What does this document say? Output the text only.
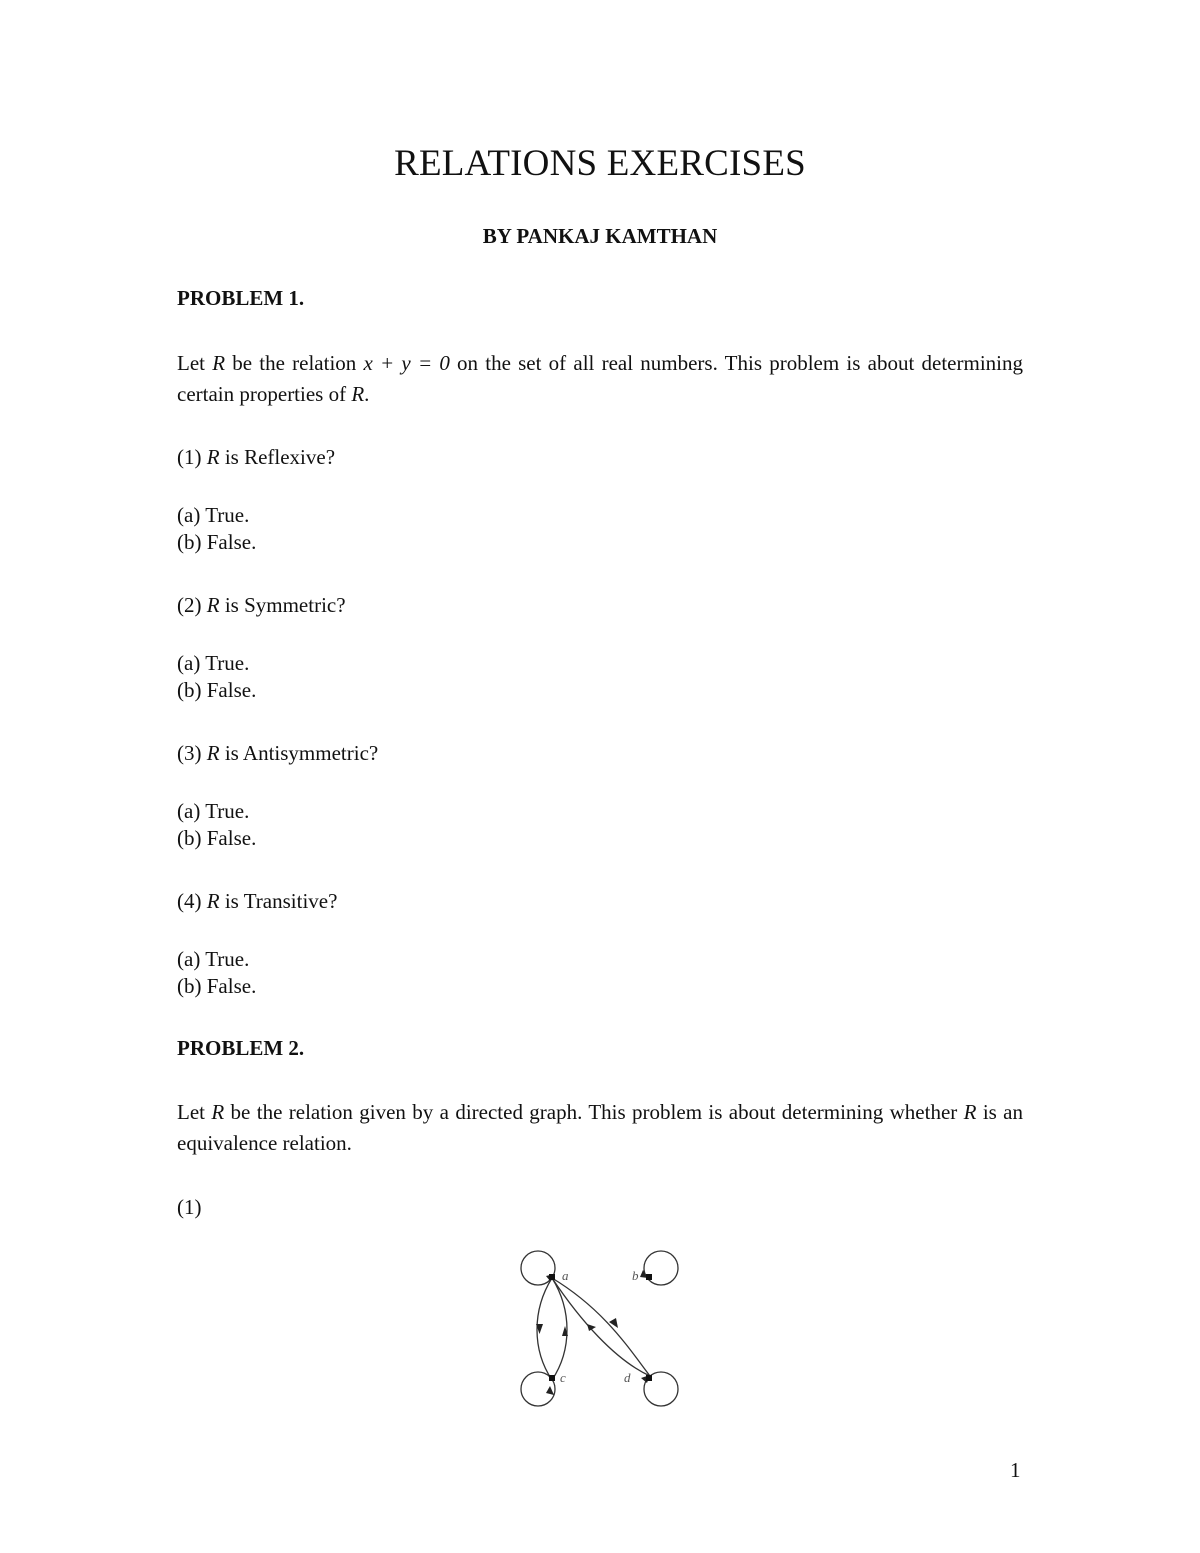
RELATIONS EXERCISES
BY PANKAJ KAMTHAN
PROBLEM 1.
Let R be the relation x + y = 0 on the set of all real numbers. This problem is about determining certain properties of R.
(1) R is Reflexive?
(a) True.
(b) False.
(2) R is Symmetric?
(a) True.
(b) False.
(3) R is Antisymmetric?
(a) True.
(b) False.
(4) R is Transitive?
(a) True.
(b) False.
PROBLEM 2.
Let R be the relation given by a directed graph. This problem is about determining whether R is an equivalence relation.
(1)
a	b
c	d
1
